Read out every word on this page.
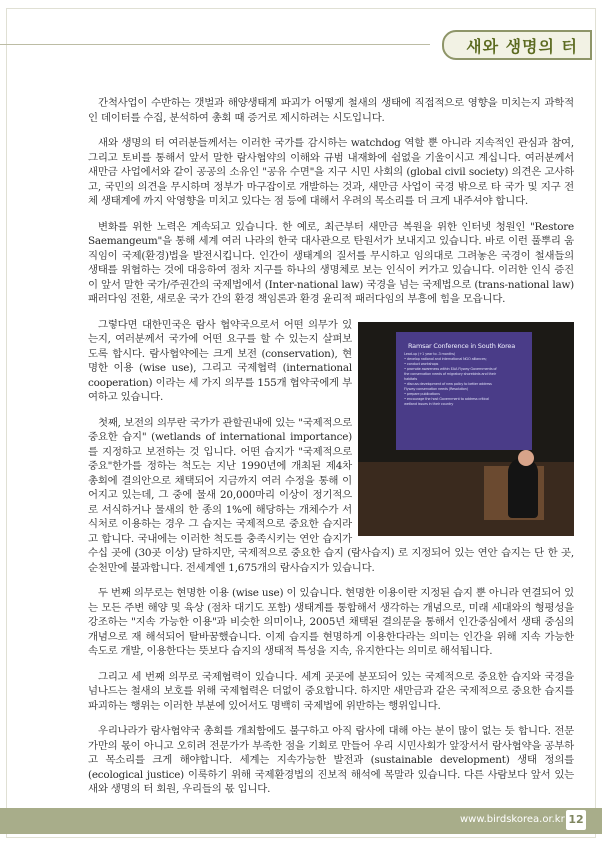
새와 생명의 터

간척사업이 수반하는 갯벌과 해양생태계 파괴가 어떻게 철새의 생태에 직접적으로 영향을 미치는지 과학적인 데이터를 수집, 분석하여 총회 때 증거로 제시하려는 시도입니다.

새와 생명의 터 여러분들께서는 이러한 국가를 감시하는 watchdog 역할 뿐 아니라 지속적인 관심과 참여, 그리고 토비를 통해서 앞서 말한 람사협약의 이해와 규범 내재화에 쉼없을 기울이시고 계십니다. 여러분께서 새만금 사업에서와 같이 공공의 소유인 "공유 수면"을 지구 시민 사회의 (global civil society) 의견은 고사하고, 국민의 의견을 무시하며 정부가 마구잡이로 개발하는 것과, 새만금 사업이 국경 밖으로 타 국가 및 지구 전체 생태계에 까지 악영향을 미치고 있다는 점 등에 대해서 우려의 목소리를 더 크게 내주셔야 합니다.

변화를 위한 노력은 계속되고 있습니다. 한 예로, 최근부터 새만금 복원을 위한 인터넷 청원인 "Restore Saemangeum"을 통해 세계 여러 나라의 한국 대사관으로 탄원서가 보내지고 있습니다. 바로 이런 풀뿌리 움직임이 국제(환경)법을 발전시킵니다. 인간이 생태계의 질서를 무시하고 임의대로 그려놓은 국경이 철새들의 생태를 위협하는 것에 대응하여 점차 지구를 하나의 생명체로 보는 인식이 커가고 있습니다. 이러한 인식 증진이 앞서 말한 국가/주권간의 국제법에서 (Inter-national law) 국경을 넘는 국제법으로 (trans-national law) 패러다임 전환, 새로운 국가 간의 환경 책임론과 환경 윤리적 패러다임의 부흥에 힘을 모읍니다.

Ramsar Conference in South Korea
Lead-up (+1 year to -3 months)
• develop national and international NGO alliances;
• conduct workshops
• promote awareness within EAA Flyway Governments of
the conservation needs of migratory shorebirds and their
habitats
• discuss development of new policy to better address
Flyway conservation needs (Resolution)
• prepare publications
• encourage the host Government to address critical
wetland issues in their country

그렇다면 대한민국은 람사 협약국으로서 어떤 의무가 있는지, 여러분께서 국가에 어떤 요구를 할 수 있는지 살펴보도록 합시다. 람사협약에는 크게 보전 (conservation), 현명한 이용 (wise use), 그리고 국제협력 (international cooperation) 이라는 세 가지 의무를 155개 협약국에게 부여하고 있습니다.

첫째, 보전의 의무란 국가가 관할권내에 있는 "국제적으로 중요한 습지" (wetlands of international importance) 를 지정하고 보전하는 것 입니다. 어떤 습지가 "국제적으로 중요"한가를 정하는 척도는 지난 1990년에 개최된 제4차 총회에 결의안으로 채택되어 지금까지 여러 수정을 통해 이어지고 있는데, 그 중에 물새 20,000마리 이상이 정기적으로 서식하거나 물새의 한 종의 1%에 해당하는 개체수가 서식처로 이용하는 경우 그 습지는 국제적으로 중요한 습지라고 합니다. 국내에는 이러한 척도를 충족시키는 연안 습지가 수십 곳에 (30곳 이상) 달하지만, 국제적으로 중요한 습지 (람사습지) 로 지정되어 있는 연안 습지는 단 한 곳, 순천만에 불과합니다. 전세계엔 1,675개의 람사습지가 있습니다.

두 번째 의무로는 현명한 이용 (wise use) 이 있습니다. 현명한 이용이란 지정된 습지 뿐 아니라 연결되어 있는 모든 주변 해양 및 육상 (점차 대기도 포함) 생태계를 통합해서 생각하는 개념으로, 미래 세대와의 형평성을 강조하는 "지속 가능한 이용"과 비슷한 의미이나, 2005년 채택된 결의문을 통해서 인간중심에서 생태 중심의 개념으로 재 해석되어 탈바꿈했습니다. 이제 습지를 현명하게 이용한다라는 의미는 인간을 위해 지속 가능한 속도로 개발, 이용한다는 뜻보다 습지의 생태적 특성을 지속, 유지한다는 의미로 해석됩니다.

그리고 세 번째 의무로 국제협력이 있습니다. 세계 곳곳에 분포되어 있는 국제적으로 중요한 습지와 국경을 넘나드는 철새의 보호를 위해 국제협력은 더없이 중요합니다. 하지만 새만금과 같은 국제적으로 중요한 습지를 파괴하는 행위는 이러한 부분에 있어서도 명백히 국제법에 위반하는 행위입니다.

우리나라가 람사협약국 총회를 개최함에도 불구하고 아직 람사에 대해 아는 분이 많이 없는 듯 합니다. 전문가만의 몫이 아니고 오히려 전문가가 부족한 점을 기회로 만들어 우리 시민사회가 앞장서서 람사협약을 공부하고 목소리를 크게 해야합니다. 세계는 지속가능한 발전과 (sustainable development) 생태 정의를 (ecological justice) 이룩하기 위해 국제환경법의 진보적 해석에 목말라 있습니다. 다른 사람보다 앞서 있는 새와 생명의 터 회원, 우리들의 몫 입니다.

www.birdskorea.or.kr 12
